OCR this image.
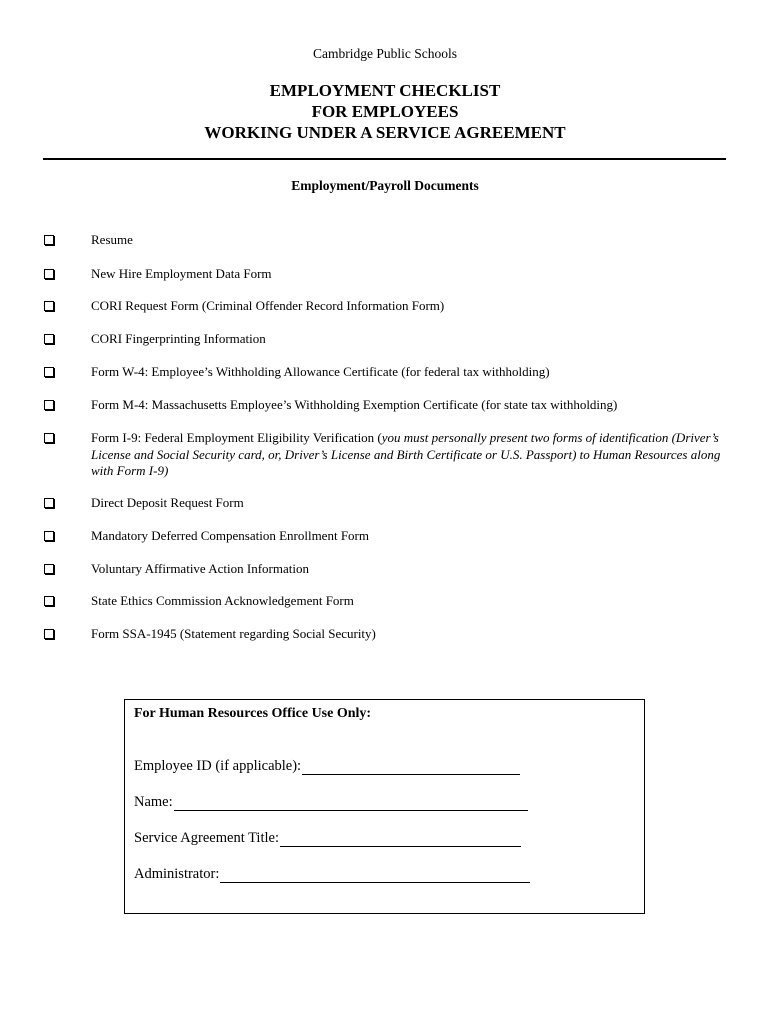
Cambridge Public Schools
EMPLOYMENT CHECKLIST
FOR EMPLOYEES
WORKING UNDER A SERVICE AGREEMENT
Employment/Payroll Documents
Resume
New Hire Employment Data Form
CORI Request Form (Criminal Offender Record Information Form)
CORI Fingerprinting Information
Form W-4: Employee’s Withholding Allowance Certificate (for federal tax withholding)
Form M-4: Massachusetts Employee’s Withholding Exemption Certificate (for state tax withholding)
Form I-9: Federal Employment Eligibility Verification (you must personally present two forms of identification (Driver’s License and Social Security card, or, Driver’s License and Birth Certificate or U.S. Passport) to Human Resources along with Form I-9)
Direct Deposit Request Form
Mandatory Deferred Compensation Enrollment Form
Voluntary Affirmative Action Information
State Ethics Commission Acknowledgement Form
Form SSA-1945 (Statement regarding Social Security)
For Human Resources Office Use Only:
Employee ID (if applicable):
Name:
Service Agreement Title:
Administrator:
